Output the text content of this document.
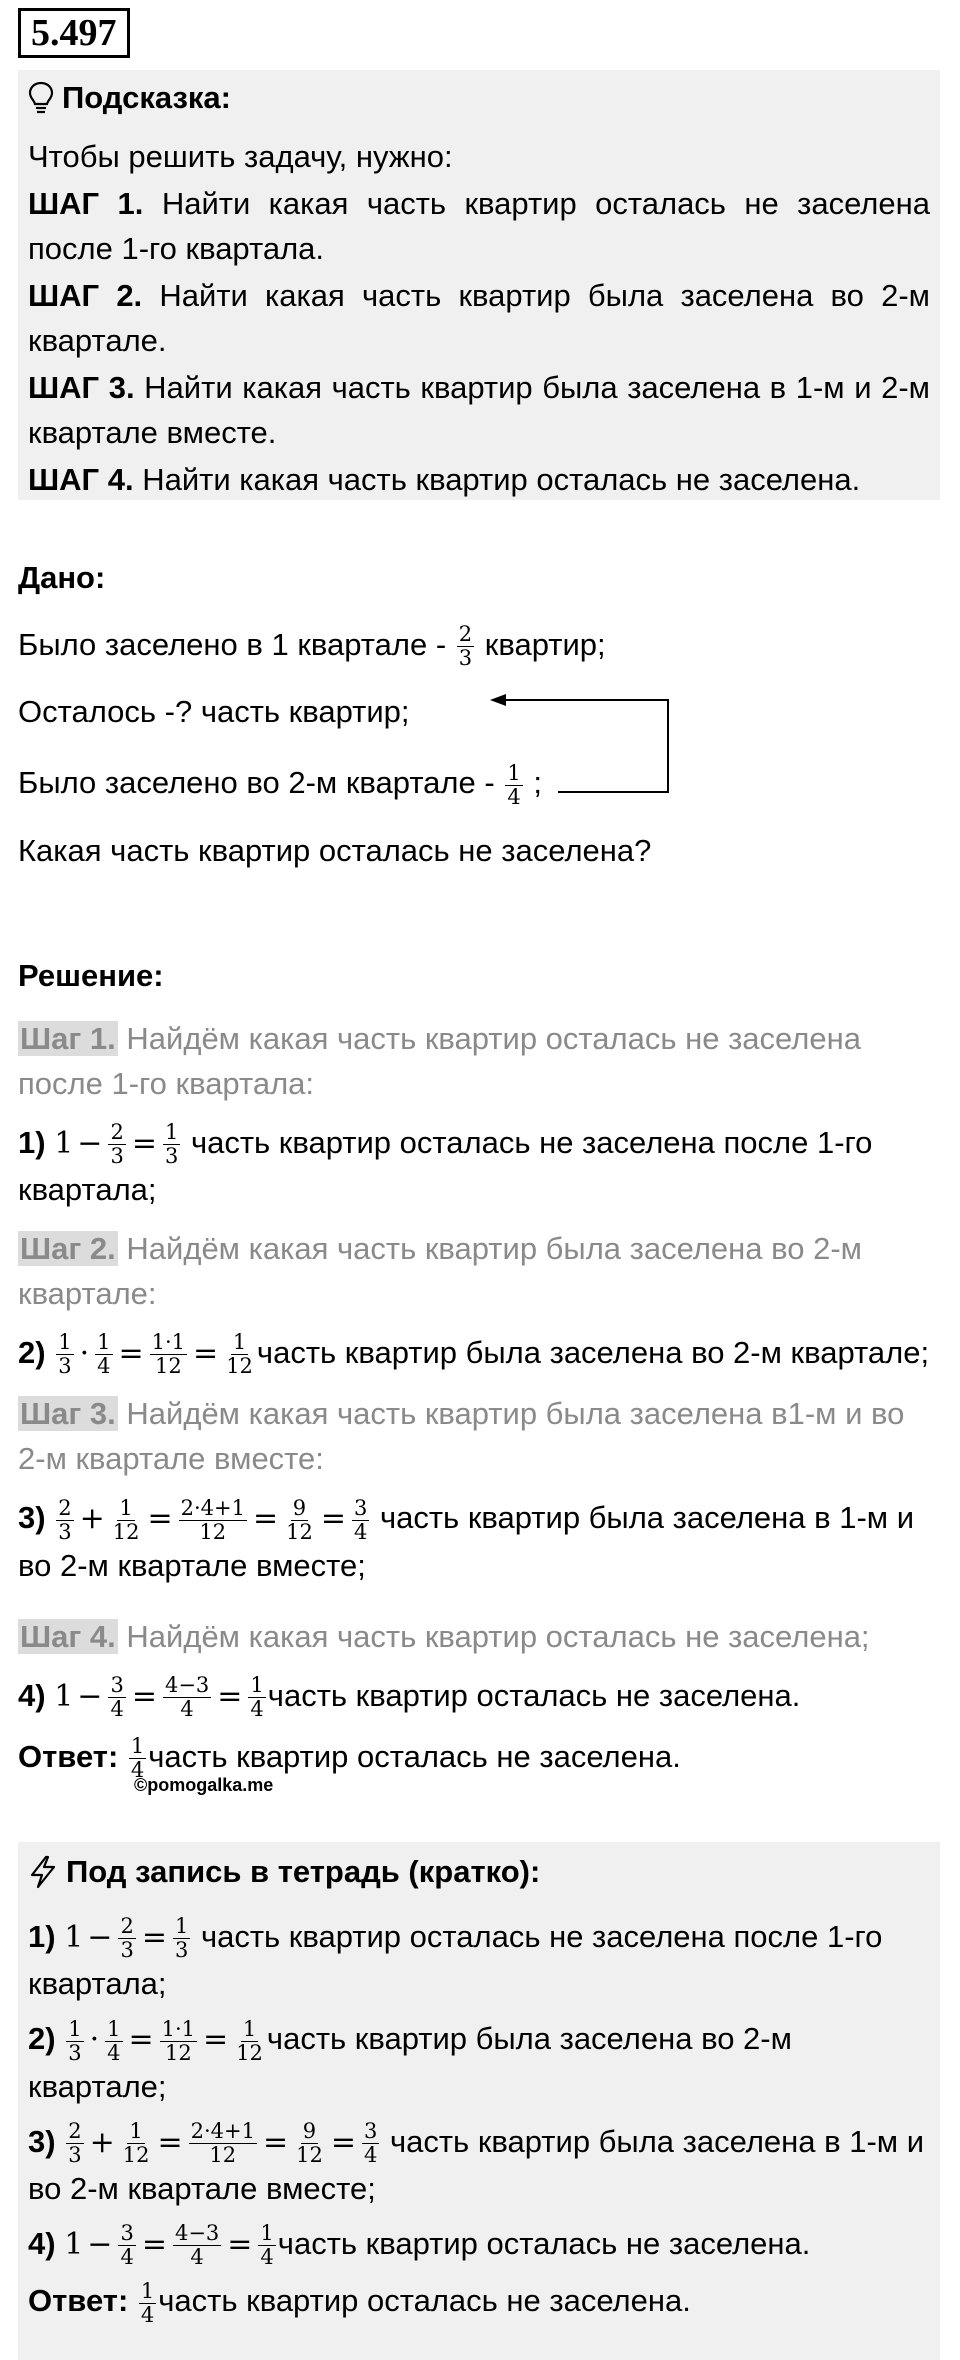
5.497
Подсказка:

Чтобы решить задачу, нужно:

ШАГ 1. Найти какая часть квартир осталась не заселена после 1-го квартала.

ШАГ 2. Найти какая часть квартир была заселена во 2-м квартале.

ШАГ 3. Найти какая часть квартир была заселена в 1-м и 2-м квартале вместе.

ШАГ 4. Найти какая часть квартир осталась не заселена.

Дано:
Было заселено в 1 квартале - $\frac{2}{3}$ квартир;
Осталось -? часть квартир;
Было заселено во 2-м квартале - $\frac{1}{4}$ ;
Какая часть квартир осталась не заселена?
Решение:
Шаг 1. Найдём какая часть квартир осталась не заселена после 1-го квартала:
1) $1 - \frac{2}{3} = \frac{1}{3}$ часть квартир осталась не заселена после 1-го квартала;
Шаг 2. Найдём какая часть квартир была заселена во 2-м квартале:
$2) \frac{1}{3} \cdot \frac{1}{4} = \frac{1\cdot 1}{12} = \frac{1}{12}$ часть квартир была заселена во 2-м квартале;
Шаг 3. Найдём какая часть квартир была заселена в1-м и во 2-м квартале вместе:
$3) \frac{2}{3} + \frac{1}{12} = \frac{2\cdot 4+1}{12} = \frac{9}{12} = \frac{3}{4}$ часть квартир была заселена в 1-м и во 2-м квартале вместе;
Шаг 4. Найдём какая часть квартир осталась не заселена;
4) $1 - \frac{3}{4} = \frac{4-3}{4} = \frac{1}{4}$ часть квартир осталась не заселена.
Ответ: $\frac{1}{4}$ часть квартир осталась не заселена.
©pomogalka.me
Под запись в тетрадь (кратко):
1) $1 - \frac{2}{3} = \frac{1}{3}$ часть квартир осталась не заселена после 1-го квартала;
$2) \frac{1}{3} \cdot \frac{1}{4} = \frac{1\cdot 1}{12} = \frac{1}{12}$ часть квартир была заселена во 2-м квартале;
$3) \frac{2}{3} + \frac{1}{12} = \frac{2\cdot 4+1}{12} = \frac{9}{12} = \frac{3}{4}$ часть квартир была заселена в 1-м и во 2-м квартале вместе;
4) $1 - \frac{3}{4} = \frac{4-3}{4} = \frac{1}{4}$ часть квартир осталась не заселена.
Ответ: $\frac{1}{4}$ часть квартир осталась не заселена.
